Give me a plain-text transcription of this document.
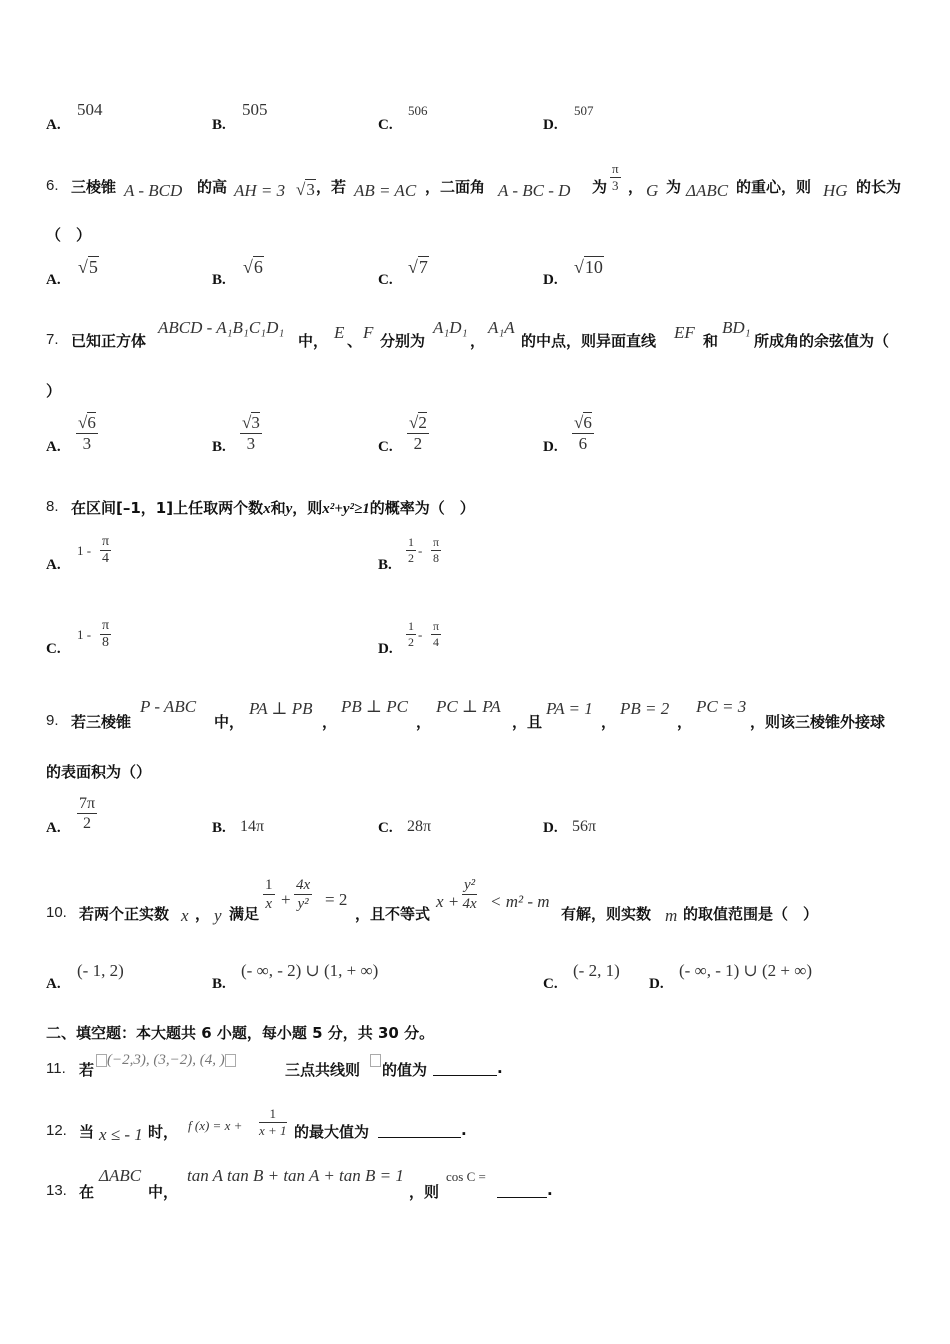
A.
504
B.
505
C.
506
D.
507
6. 三棱锥 A - BCD 的高 AH = 3 √3 ，若 AB = AC ，二面角 A - BC - D 为 $\frac{\pi}{3}$ ， G 为 ΔABC 的重心，则 HG 的长为
（　）
A.
√5
B.
√6
C.
√7
D.
√10
7. 已知正方体
ABCD - A₁B₁C₁D₁
中， E 、 F 分别为
A₁D₁
，
A₁A
的中点，则异面直线 EF 和
BD₁
所成角的余弦值为（
）
A. $\frac{√6}{3}$	B. $\frac{√3}{3}$	C. $\frac{√2}{2}$	D. $\frac{√6}{6}$
8. 在区间[–1，1]上任取两个数x和y，则x²+y²≥1的概率为（　）
A.
$1 - \frac{\pi}{4}$	B. $\frac{1}{2} - \frac{\pi}{8}$
C.
$1 - \frac{\pi}{8}$	D. $\frac{1}{2} - \frac{\pi}{4}$
9. 若三棱锥
P - ABC
中，
PA ⊥ PB
，
PB ⊥ PC
，
PC ⊥ PA
，且
PA = 1
，
PB = 2
，
PC = 3
，则该三棱锥外接球
的表面积为（）
A. $\frac{7\pi}{2}$	B. 14π	C. 28π	D. 56π
10. 若两个正实数 x ， y 满足
$\frac{1}{x} + \frac{4x}{\text{y²}} = 2$
，且不等式
$x + \frac{\text{y²}}{4x} < m^2 - m$
有解，则实数 m 的取值范围是（　）
A.
(- 1, 2)
B.
(- ∞, - 2) ∪ (1, + ∞)
C.
(- 2, 1)
D.
(- ∞, - 1) ∪ (2 + ∞)
二、填空题：本大题共 6 小题，每小题 5 分，共 30 分。
11. 若
(−2,3), (3,−2), (4, )
三点共线则 的值为	.
12. 当 x ≤ - 1 时， f $(x) = x + \frac{1}{x + 1}$ 的最大值为	.
13. 在
ΔABC
中，
tan A tan B + tan A + tan B = 1
，则
cos C =
.
